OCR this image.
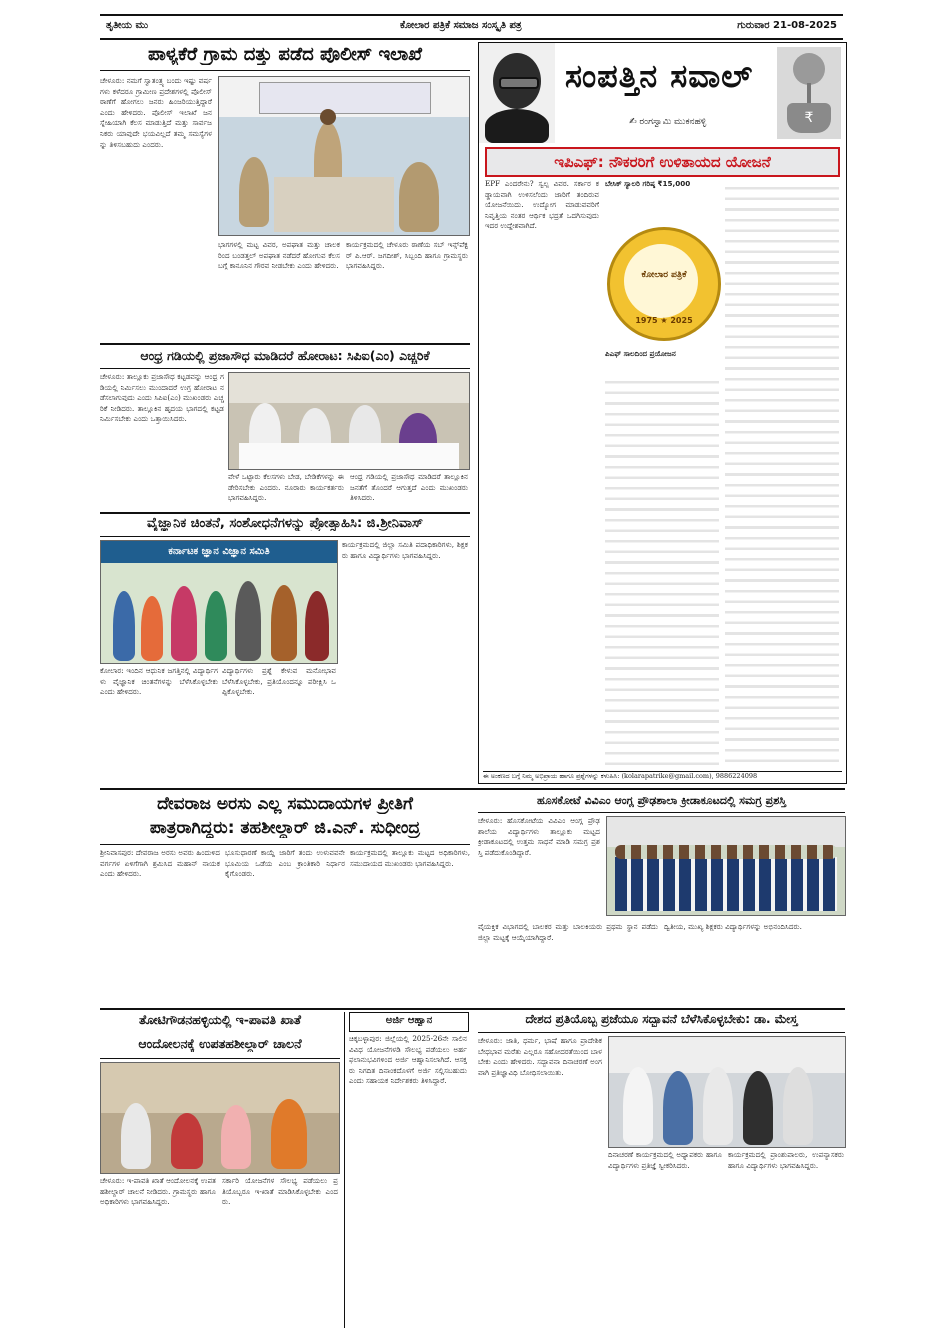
ತೃತೀಯ ಮು	ಕೋಲಾರ ಪತ್ರಿಕೆ ಸಮಾಜ ಸಂಸ್ಕೃತಿ ಪತ್ರ	ಗುರುವಾರ 21-08-2025
ಪಾಳ್ಯಕೆರೆ ಗ್ರಾಮ ದತ್ತು ಪಡೆದ ಪೊಲೀಸ್ ಇಲಾಖೆ
ಚೇಳೂರು: ನಮಗೆ ಸ್ವಾತಂತ್ರ್ಯ ಬಂದು ಇಷ್ಟು ವರ್ಷಗಳು ಕಳೆದರೂ ಗ್ರಾಮೀಣ ಪ್ರದೇಶಗಳಲ್ಲಿ ಪೊಲೀಸ್ ಠಾಣೆಗೆ ಹೋಗಲು ಜನರು ಹಿಂಜರಿಯುತ್ತಿದ್ದಾರೆ ಎಂದು ಹೇಳಿದರು. ಪೊಲೀಸ್ ಇಲಾಖೆ ಜನಸ್ನೇಹಿಯಾಗಿ ಕೆಲಸ ಮಾಡುತ್ತಿದೆ ಮತ್ತು ಸಾರ್ವಜನಿಕರು ಯಾವುದೇ ಭಯವಿಲ್ಲದೆ ತಮ್ಮ ಸಮಸ್ಯೆಗಳನ್ನು ತಿಳಿಸಬಹುದು ಎಂದರು.
ಭಾಗಗಳಲ್ಲಿ ಮಟ್ಟ ವಿವರ, ಅಪಘಾತ ಮತ್ತು ಚಾಲಕರಿಂದ ಬಂಡತ್ತಲ್ ಅಪಘಾತ ನಡೆದರೆ ಹೋಗುವ ಕೆಲಸ ಬಗ್ಗೆ ಕಾನೂನಿನ ಗೌರವ ನೀಡಬೇಕು ಎಂದು ಹೇಳಿದರು.
ಕಾರ್ಯಕ್ರಮದಲ್ಲಿ ಚೇಳೂರು ಠಾಣೆಯ ಸಬ್ ಇನ್ಸ್‌ಪೆಕ್ಟರ್ ಪಿ.ಆರ್. ಜಗದೀಶ್, ಸಿಬ್ಬಂದಿ ಹಾಗೂ ಗ್ರಾಮಸ್ಥರು ಭಾಗವಹಿಸಿದ್ದರು.
ಆಂಧ್ರ ಗಡಿಯಲ್ಲಿ ಪ್ರಜಾಸೌಧ ಮಾಡಿದರೆ ಹೋರಾಟ: ಸಿಪಿಐ(ಎಂ) ಎಚ್ಚರಿಕೆ
ಚೇಳೂರು: ತಾಲ್ಲೂಕು ಪ್ರಜಾಸೌಧ ಕಟ್ಟಡವನ್ನು ಆಂಧ್ರ ಗಡಿಯಲ್ಲಿ ನಿರ್ಮಿಸಲು ಮುಂದಾದರೆ ಉಗ್ರ ಹೋರಾಟ ನಡೆಸಲಾಗುವುದು ಎಂದು ಸಿಪಿಐ(ಎಂ) ಮುಖಂಡರು ಎಚ್ಚರಿಕೆ ನೀಡಿದರು. ತಾಲ್ಲೂಕಿನ ಹೃದಯ ಭಾಗದಲ್ಲಿ ಕಟ್ಟಡ ನಿರ್ಮಿಸಬೇಕು ಎಂದು ಒತ್ತಾಯಿಸಿದರು.
ವೇಳೆ ಒಟ್ಟಾರು ಕೆಲಸಗಳು ಬೇಡ, ಬೇಡಿಕೆಗಳನ್ನು ಈಡೇರಿಸಬೇಕು ಎಂದರು. ನೂರಾರು ಕಾರ್ಯಕರ್ತರು ಭಾಗವಹಿಸಿದ್ದರು.
ಆಂಧ್ರ ಗಡಿಯಲ್ಲಿ ಪ್ರಜಾಸೌಧ ಮಾಡಿದರೆ ತಾಲ್ಲೂಕಿನ ಜನತೆಗೆ ತೊಂದರೆ ಆಗುತ್ತದೆ ಎಂದು ಮುಖಂಡರು ತಿಳಿಸಿದರು.
ವೈಜ್ಞಾನಿಕ ಚಿಂತನೆ, ಸಂಶೋಧನೆಗಳನ್ನು ಪ್ರೋತ್ಸಾಹಿಸಿ: ಜಿ.ಶ್ರೀನಿವಾಸ್
ಕರ್ನಾಟಕ ಜ್ಞಾನ ವಿಜ್ಞಾನ ಸಮಿತಿ
ಕೋಲಾರ: ಇಂದಿನ ಆಧುನಿಕ ಜಗತ್ತಿನಲ್ಲಿ ವಿದ್ಯಾರ್ಥಿಗಳು ವೈಜ್ಞಾನಿಕ ಚಿಂತನೆಗಳನ್ನು ಬೆಳೆಸಿಕೊಳ್ಳಬೇಕು ಎಂದು ಹೇಳಿದರು.
ವಿದ್ಯಾರ್ಥಿಗಳು ಪ್ರಶ್ನೆ ಕೇಳುವ ಮನೋಭಾವ ಬೆಳೆಸಿಕೊಳ್ಳಬೇಕು, ಪ್ರತಿಯೊಂದನ್ನೂ ಪರೀಕ್ಷಿಸಿ ಒಪ್ಪಿಕೊಳ್ಳಬೇಕು.
ಕಾರ್ಯಕ್ರಮದಲ್ಲಿ ಜಿಲ್ಲಾ ಸಮಿತಿ ಪದಾಧಿಕಾರಿಗಳು, ಶಿಕ್ಷಕರು ಹಾಗೂ ವಿದ್ಯಾರ್ಥಿಗಳು ಭಾಗವಹಿಸಿದ್ದರು.
ಸಂಪತ್ತಿನ ಸವಾಲ್
✍ ರಂಗಸ್ವಾಮಿ ಮುಕನಹಳ್ಳಿ	₹
ಇಪಿಎಫ್: ನೌಕರರಿಗೆ ಉಳಿತಾಯದ ಯೋಜನೆ
EPF ಎಂದರೇನು? ಸ್ವಲ್ಪ ವಿವರ. ಸರ್ಕಾರ ಕಡ್ಡಾಯವಾಗಿ ಉಳಿಸಲೆಂದು ಜಾರಿಗೆ ತಂದಿರುವ ಯೋಜನೆಯಿದು. ಉದ್ಯೋಗ ಮಾಡುವವರಿಗೆ ನಿವೃತ್ತಿಯ ನಂತರ ಆರ್ಥಿಕ ಭದ್ರತೆ ಒದಗಿಸುವುದು ಇದರ ಉದ್ದೇಶವಾಗಿದೆ.
ಬೇಸಿಕ್ ಸ್ಯಾಲರಿ ಗರಿಷ್ಠ ₹15,000
ಕೋಲಾರ ಪತ್ರಿಕೆ
1975 ★ 2025
ಪಿಎಫ್ ಸಾಲದಿಂದ ಪ್ರಯೋಜನ
ಈ ಅಂಕಣದ ಬಗ್ಗೆ ನಿಮ್ಮ ಅಭಿಪ್ರಾಯ ಹಾಗೂ ಪ್ರಶ್ನೆಗಳನ್ನು ಕಳುಹಿಸಿ: (kolarapatrike@gmail.com), 9886224098
ದೇವರಾಜ ಅರಸು ಎಲ್ಲ ಸಮುದಾಯಗಳ ಪ್ರೀತಿಗೆ
ಪಾತ್ರರಾಗಿದ್ದರು: ತಹಶೀಲ್ದಾರ್ ಜಿ.ಎನ್. ಸುಧೀಂದ್ರ
ಶ್ರೀನಿವಾಸಪುರ: ದೇವರಾಜ ಅರಸು ಅವರು ಹಿಂದುಳಿದ ವರ್ಗಗಳ ಏಳಿಗೆಗಾಗಿ ಶ್ರಮಿಸಿದ ಮಹಾನ್ ನಾಯಕ ಎಂದು ಹೇಳಿದರು.
ಭೂಸುಧಾರಣೆ ಕಾಯ್ದೆ ಜಾರಿಗೆ ತಂದು ಉಳುವವನೇ ಭೂಮಿಯ ಒಡೆಯ ಎಂಬ ಕ್ರಾಂತಿಕಾರಿ ನಿರ್ಧಾರ ಕೈಗೊಂಡರು.
ಕಾರ್ಯಕ್ರಮದಲ್ಲಿ ತಾಲ್ಲೂಕು ಮಟ್ಟದ ಅಧಿಕಾರಿಗಳು, ಸಮುದಾಯದ ಮುಖಂಡರು ಭಾಗವಹಿಸಿದ್ದರು.
ಹೂಸಕೋಟೆ ವಿವಿಎಂ ಆಂಗ್ಲ ಪ್ರೌಢಶಾಲಾ ಕ್ರೀಡಾಕೂಟದಲ್ಲಿ ಸಮಗ್ರ ಪ್ರಶಸ್ತಿ
ಚೇಳೂರು: ಹೊಸಕೋಟೆಯ ವಿವಿಎಂ ಆಂಗ್ಲ ಪ್ರೌಢಶಾಲೆಯ ವಿದ್ಯಾರ್ಥಿಗಳು ತಾಲ್ಲೂಕು ಮಟ್ಟದ ಕ್ರೀಡಾಕೂಟದಲ್ಲಿ ಉತ್ತಮ ಸಾಧನೆ ಮಾಡಿ ಸಮಗ್ರ ಪ್ರಶಸ್ತಿ ಪಡೆದುಕೊಂಡಿದ್ದಾರೆ.
ವೈಯಕ್ತಿಕ ವಿಭಾಗದಲ್ಲಿ ಬಾಲಕರ ಮತ್ತು ಬಾಲಕಿಯರು ಪ್ರಥಮ ಸ್ಥಾನ ಪಡೆದು ಜಿಲ್ಲಾ ಮಟ್ಟಕ್ಕೆ ಆಯ್ಕೆಯಾಗಿದ್ದಾರೆ.
ದ್ವಿತೀಯ, ಮುಖ್ಯ ಶಿಕ್ಷಕರು ವಿದ್ಯಾರ್ಥಿಗಳನ್ನು ಅಭಿನಂದಿಸಿದರು.
ತೋಟಿಗೌಡನಹಳ್ಳಿಯಲ್ಲಿ ಇ-ಪಾವತಿ ಖಾತೆ
ಆಂದೋಲನಕ್ಕೆ ಉಪತಹಶೀಲ್ದಾರ್ ಚಾಲನೆ
ಚೇಳೂರು: ಇ-ಪಾವತಿ ಖಾತೆ ಆಂದೋಲನಕ್ಕೆ ಉಪತಹಶೀಲ್ದಾರ್ ಚಾಲನೆ ನೀಡಿದರು. ಗ್ರಾಮಸ್ಥರು ಹಾಗೂ ಅಧಿಕಾರಿಗಳು ಭಾಗವಹಿಸಿದ್ದರು.
ಸರ್ಕಾರಿ ಯೋಜನೆಗಳ ಸೌಲಭ್ಯ ಪಡೆಯಲು ಪ್ರತಿಯೊಬ್ಬರೂ ಇ-ಖಾತೆ ಮಾಡಿಸಿಕೊಳ್ಳಬೇಕು ಎಂದರು.
ಅರ್ಜಿ ಆಹ್ವಾನ
ಚಿಕ್ಕಬಳ್ಳಾಪುರ: ಜಿಲ್ಲೆಯಲ್ಲಿ 2025-26ನೇ ಸಾಲಿನ ವಿವಿಧ ಯೋಜನೆಗಳಡಿ ಸೌಲಭ್ಯ ಪಡೆಯಲು ಅರ್ಹ ಫಲಾನುಭವಿಗಳಿಂದ ಅರ್ಜಿ ಆಹ್ವಾನಿಸಲಾಗಿದೆ. ಆಸಕ್ತರು ನಿಗದಿತ ದಿನಾಂಕದೊಳಗೆ ಅರ್ಜಿ ಸಲ್ಲಿಸಬಹುದು ಎಂದು ಸಹಾಯಕ ನಿರ್ದೇಶಕರು ತಿಳಿಸಿದ್ದಾರೆ.
ದೇಶದ ಪ್ರತಿಯೊಬ್ಬ ಪ್ರಜೆಯೂ ಸದ್ಭಾವನೆ ಬೆಳೆಸಿಕೊಳ್ಳಬೇಕು: ಡಾ. ಮೇಸ್ತ
ಚೇಳೂರು: ಜಾತಿ, ಧರ್ಮ, ಭಾಷೆ ಹಾಗೂ ಪ್ರಾದೇಶಿಕ ಬೇಧಭಾವ ಮರೆತು ಎಲ್ಲರೂ ಸಹೋದರತೆಯಿಂದ ಬಾಳಬೇಕು ಎಂದು ಹೇಳಿದರು. ಸದ್ಭಾವನಾ ದಿನಾಚರಣೆ ಅಂಗವಾಗಿ ಪ್ರತಿಜ್ಞಾವಿಧಿ ಬೋಧಿಸಲಾಯಿತು.
ದಿನಾಚರಣೆ ಕಾರ್ಯಕ್ರಮದಲ್ಲಿ ಅಧ್ಯಾಪಕರು ಹಾಗೂ ವಿದ್ಯಾರ್ಥಿಗಳು ಪ್ರತಿಜ್ಞೆ ಸ್ವೀಕರಿಸಿದರು.
ಕಾರ್ಯಕ್ರಮದಲ್ಲಿ ಪ್ರಾಂಶುಪಾಲರು, ಉಪನ್ಯಾಸಕರು ಹಾಗೂ ವಿದ್ಯಾರ್ಥಿಗಳು ಭಾಗವಹಿಸಿದ್ದರು.
